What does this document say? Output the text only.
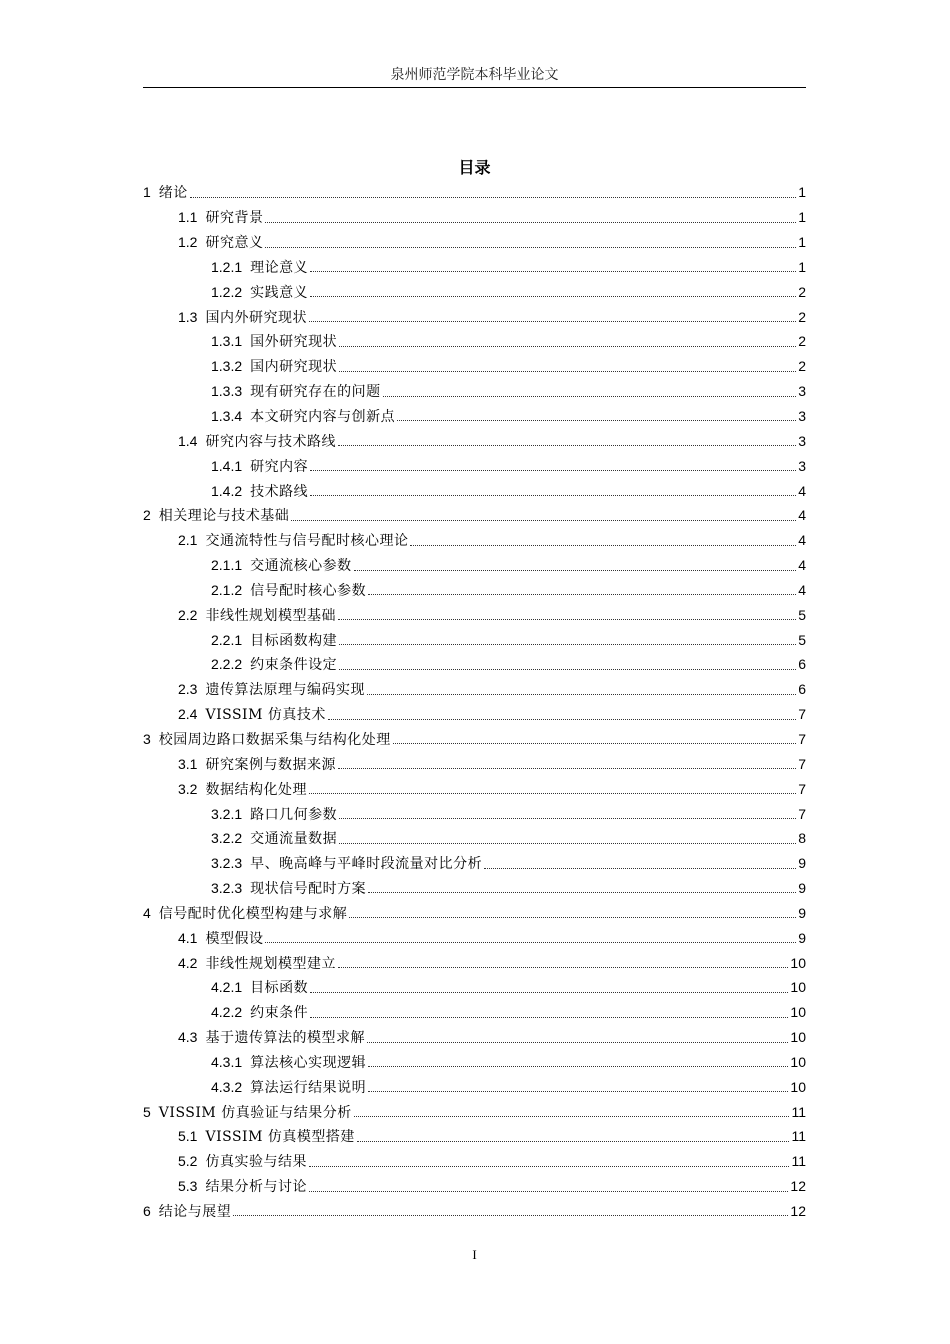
泉州师范学院本科毕业论文
目录
1 绪论	1
1.1 研究背景	1
1.2 研究意义	1
1.2.1 理论意义	1
1.2.2 实践意义	2
1.3 国内外研究现状	2
1.3.1 国外研究现状	2
1.3.2 国内研究现状	2
1.3.3 现有研究存在的问题	3
1.3.4 本文研究内容与创新点	3
1.4 研究内容与技术路线	3
1.4.1 研究内容	3
1.4.2 技术路线	4
2 相关理论与技术基础	4
2.1 交通流特性与信号配时核心理论	4
2.1.1 交通流核心参数	4
2.1.2 信号配时核心参数	4
2.2 非线性规划模型基础	5
2.2.1 目标函数构建	5
2.2.2 约束条件设定	6
2.3 遗传算法原理与编码实现	6
2.4 VISSIM 仿真技术	7
3 校园周边路口数据采集与结构化处理	7
3.1 研究案例与数据来源	7
3.2 数据结构化处理	7
3.2.1 路口几何参数	7
3.2.2 交通流量数据	8
3.2.3 早、晚高峰与平峰时段流量对比分析	9
3.2.3 现状信号配时方案	9
4 信号配时优化模型构建与求解	9
4.1 模型假设	9
4.2 非线性规划模型建立	10
4.2.1 目标函数	10
4.2.2 约束条件	10
4.3 基于遗传算法的模型求解	10
4.3.1 算法核心实现逻辑	10
4.3.2 算法运行结果说明	10
5 VISSIM 仿真验证与结果分析	11
5.1 VISSIM 仿真模型搭建	11
5.2 仿真实验与结果	11
5.3 结果分析与讨论	12
6 结论与展望	12
I
